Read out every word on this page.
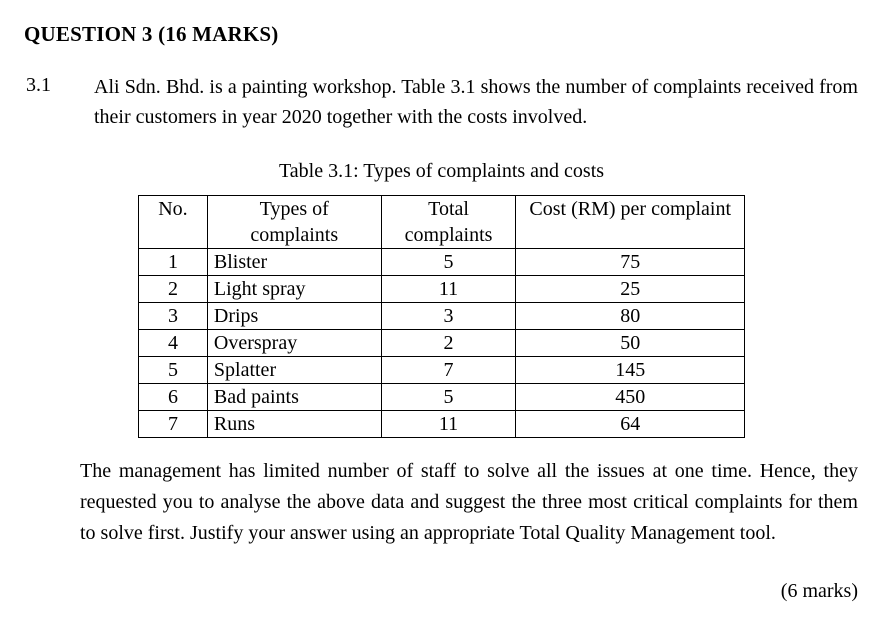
QUESTION 3 (16 MARKS)
3.1 Ali Sdn. Bhd. is a painting workshop. Table 3.1 shows the number of complaints received from their customers in year 2020 together with the costs involved.
Table 3.1: Types of complaints and costs
No.	Types of complaints	Total complaints	Cost (RM) per complaint
1	Blister	5	75
2	Light spray	11	25
3	Drips	3	80
4	Overspray	2	50
5	Splatter	7	145
6	Bad paints	5	450
7	Runs	11	64
The management has limited number of staff to solve all the issues at one time. Hence, they requested you to analyse the above data and suggest the three most critical complaints for them to solve first. Justify your answer using an appropriate Total Quality Management tool.
(6 marks)
